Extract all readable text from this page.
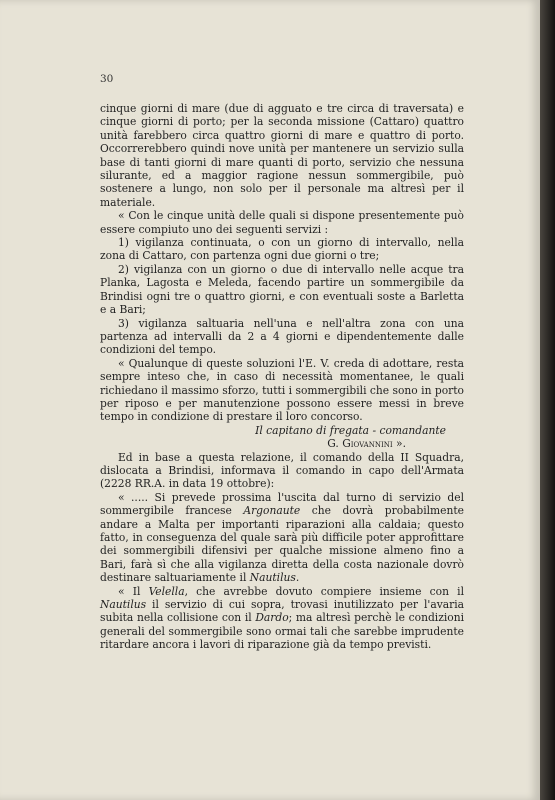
30

cinque giorni di mare (due di agguato e tre circa di traversata) e cinque giorni di porto; per la seconda missione (Cattaro) quattro unità farebbero circa quattro giorni di mare e quattro di porto. Occorrerebbero quindi nove unità per mantenere un servizio sulla base di tanti giorni di mare quanti di porto, servizio che nessuna silurante, ed a maggior ragione nessun sommergibile, può sostenere a lungo, non solo per il personale ma altresì per il materiale.

« Con le cinque unità delle quali si dispone presentemente può essere compiuto uno dei seguenti servizi :

1) vigilanza continuata, o con un giorno di intervallo, nella zona di Cattaro, con partenza ogni due giorni o tre;

2) vigilanza con un giorno o due di intervallo nelle acque tra Planka, Lagosta e Meleda, facendo partire un sommergibile da Brindisi ogni tre o quattro giorni, e con eventuali soste a Barletta e a Bari;

3) vigilanza saltuaria nell'una e nell'altra zona con una partenza ad intervalli da 2 a 4 giorni e dipendentemente dalle condizioni del tempo.

« Qualunque di queste soluzioni l'E. V. creda di adottare, resta sempre inteso che, in caso di necessità momentanee, le quali richiedano il massimo sforzo, tutti i sommergibili che sono in porto per riposo e per manutenzione possono essere messi in breve tempo in condizione di prestare il loro concorso.

Il capitano di fregata - comandante

G. Giovannini ».

Ed in base a questa relazione, il comando della II Squadra, dislocata a Brindisi, informava il comando in capo dell'Armata (2228 RR.A. in data 19 ottobre):

« ..... Si prevede prossima l'uscita dal turno di servizio del sommergibile francese Argonaute che dovrà probabilmente andare a Malta per importanti riparazioni alla caldaia; questo fatto, in conseguenza del quale sarà più difficile poter approfittare dei sommergibili difensivi per qualche missione almeno fino a Bari, farà sì che alla vigilanza diretta della costa nazionale dovrò destinare saltuariamente il Nautilus.

« Il Velella, che avrebbe dovuto compiere insieme con il Nautilus il servizio di cui sopra, trovasi inutilizzato per l'avaria subita nella collisione con il Dardo; ma altresì perchè le condizioni generali del sommergibile sono ormai tali che sarebbe imprudente ritardare ancora i lavori di riparazione già da tempo previsti.
